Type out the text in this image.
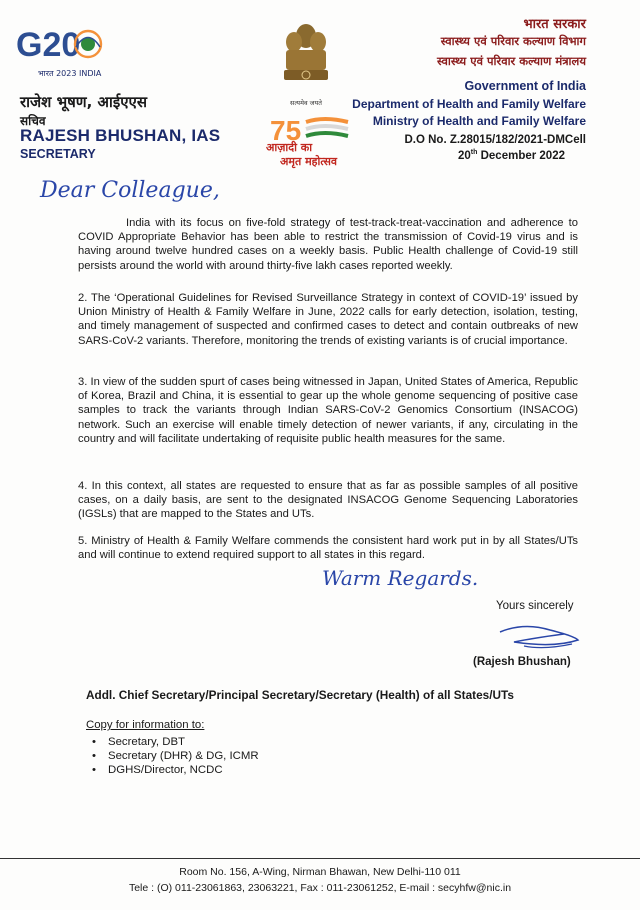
G20
भारत 2023 INDIA
राजेश भूषण, आईएएस
सचिव
RAJESH BHUSHAN, IAS
SECRETARY
सत्यमेव जयते
75
आज़ादी का
अमृत महोत्सव
भारत सरकार
स्वास्थ्य एवं परिवार कल्याण विभाग
स्वास्थ्य एवं परिवार कल्याण मंत्रालय
Government of India
Department of Health and Family Welfare
Ministry of Health and Family Welfare
D.O No. Z.28015/182/2021-DMCell
20th December 2022
Dear Colleague,

India with its focus on five-fold strategy of test-track-treat-vaccination and adherence to COVID Appropriate Behavior has been able to restrict the transmission of Covid-19 virus and is having around twelve hundred cases on a weekly basis. Public Health challenge of Covid-19 still persists around the world with around thirty-five lakh cases reported weekly.

2. The ‘Operational Guidelines for Revised Surveillance Strategy in context of COVID-19’ issued by Union Ministry of Health & Family Welfare in June, 2022 calls for early detection, isolation, testing, and timely management of suspected and confirmed cases to detect and contain outbreaks of new SARS-CoV-2 variants. Therefore, monitoring the trends of existing variants is of crucial importance.

3. In view of the sudden spurt of cases being witnessed in Japan, United States of America, Republic of Korea, Brazil and China, it is essential to gear up the whole genome sequencing of positive case samples to track the variants through Indian SARS-CoV-2 Genomics Consortium (INSACOG) network. Such an exercise will enable timely detection of newer variants, if any, circulating in the country and will facilitate undertaking of requisite public health measures for the same.

4. In this context, all states are requested to ensure that as far as possible samples of all positive cases, on a daily basis, are sent to the designated INSACOG Genome Sequencing Laboratories (IGSLs) that are mapped to the States and UTs.

5. Ministry of Health & Family Welfare commends the consistent hard work put in by all States/UTs and will continue to extend required support to all states in this regard.

Warm Regards.
Yours sincerely
(Rajesh Bhushan)
Addl. Chief Secretary/Principal Secretary/Secretary (Health) of all States/UTs
Copy for information to:
• Secretary, DBT
• Secretary (DHR) & DG, ICMR
• DGHS/Director, NCDC
Room No. 156, A-Wing, Nirman Bhawan, New Delhi-110 011
Tele : (O) 011-23061863, 23063221, Fax : 011-23061252, E-mail : secyhfw@nic.in
